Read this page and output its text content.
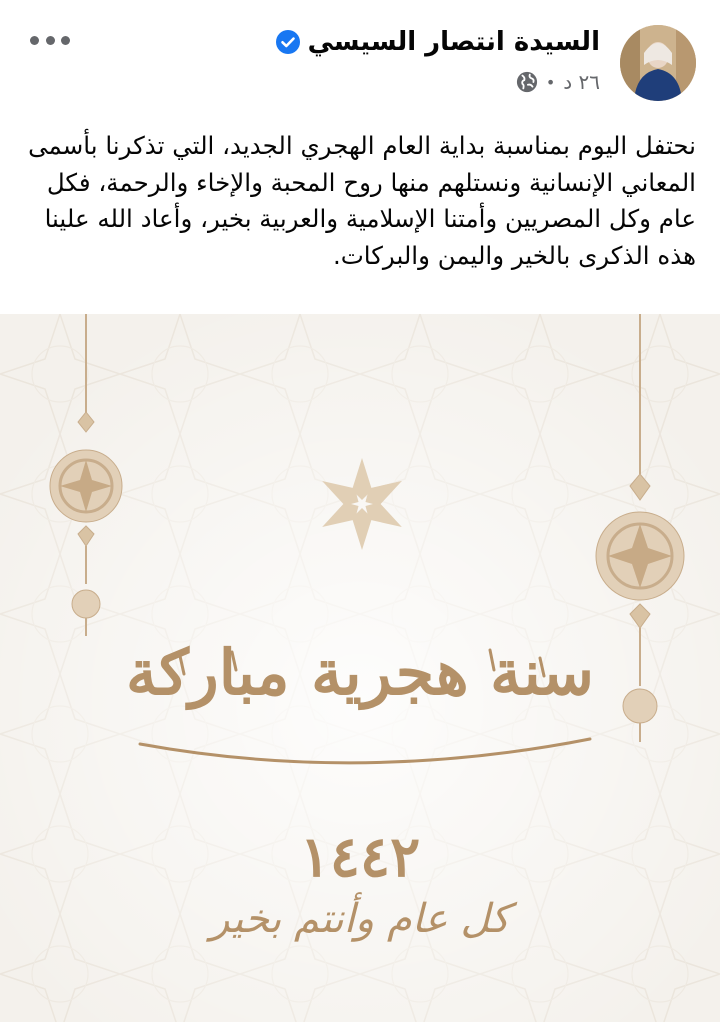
السيدة انتصار السيسي
٢٦ د
•
نحتفل اليوم بمناسبة بداية العام الهجري الجديد، التي تذكرنا بأسمى المعاني الإنسانية ونستلهم منها روح المحبة والإخاء والرحمة، فكل عام وكل المصريين وأمتنا الإسلامية والعربية بخير، وأعاد الله علينا هذه الذكرى بالخير واليمن والبركات.
سنة هجرية مباركة
١٤٤٢
كل عام وأنتم بخير
